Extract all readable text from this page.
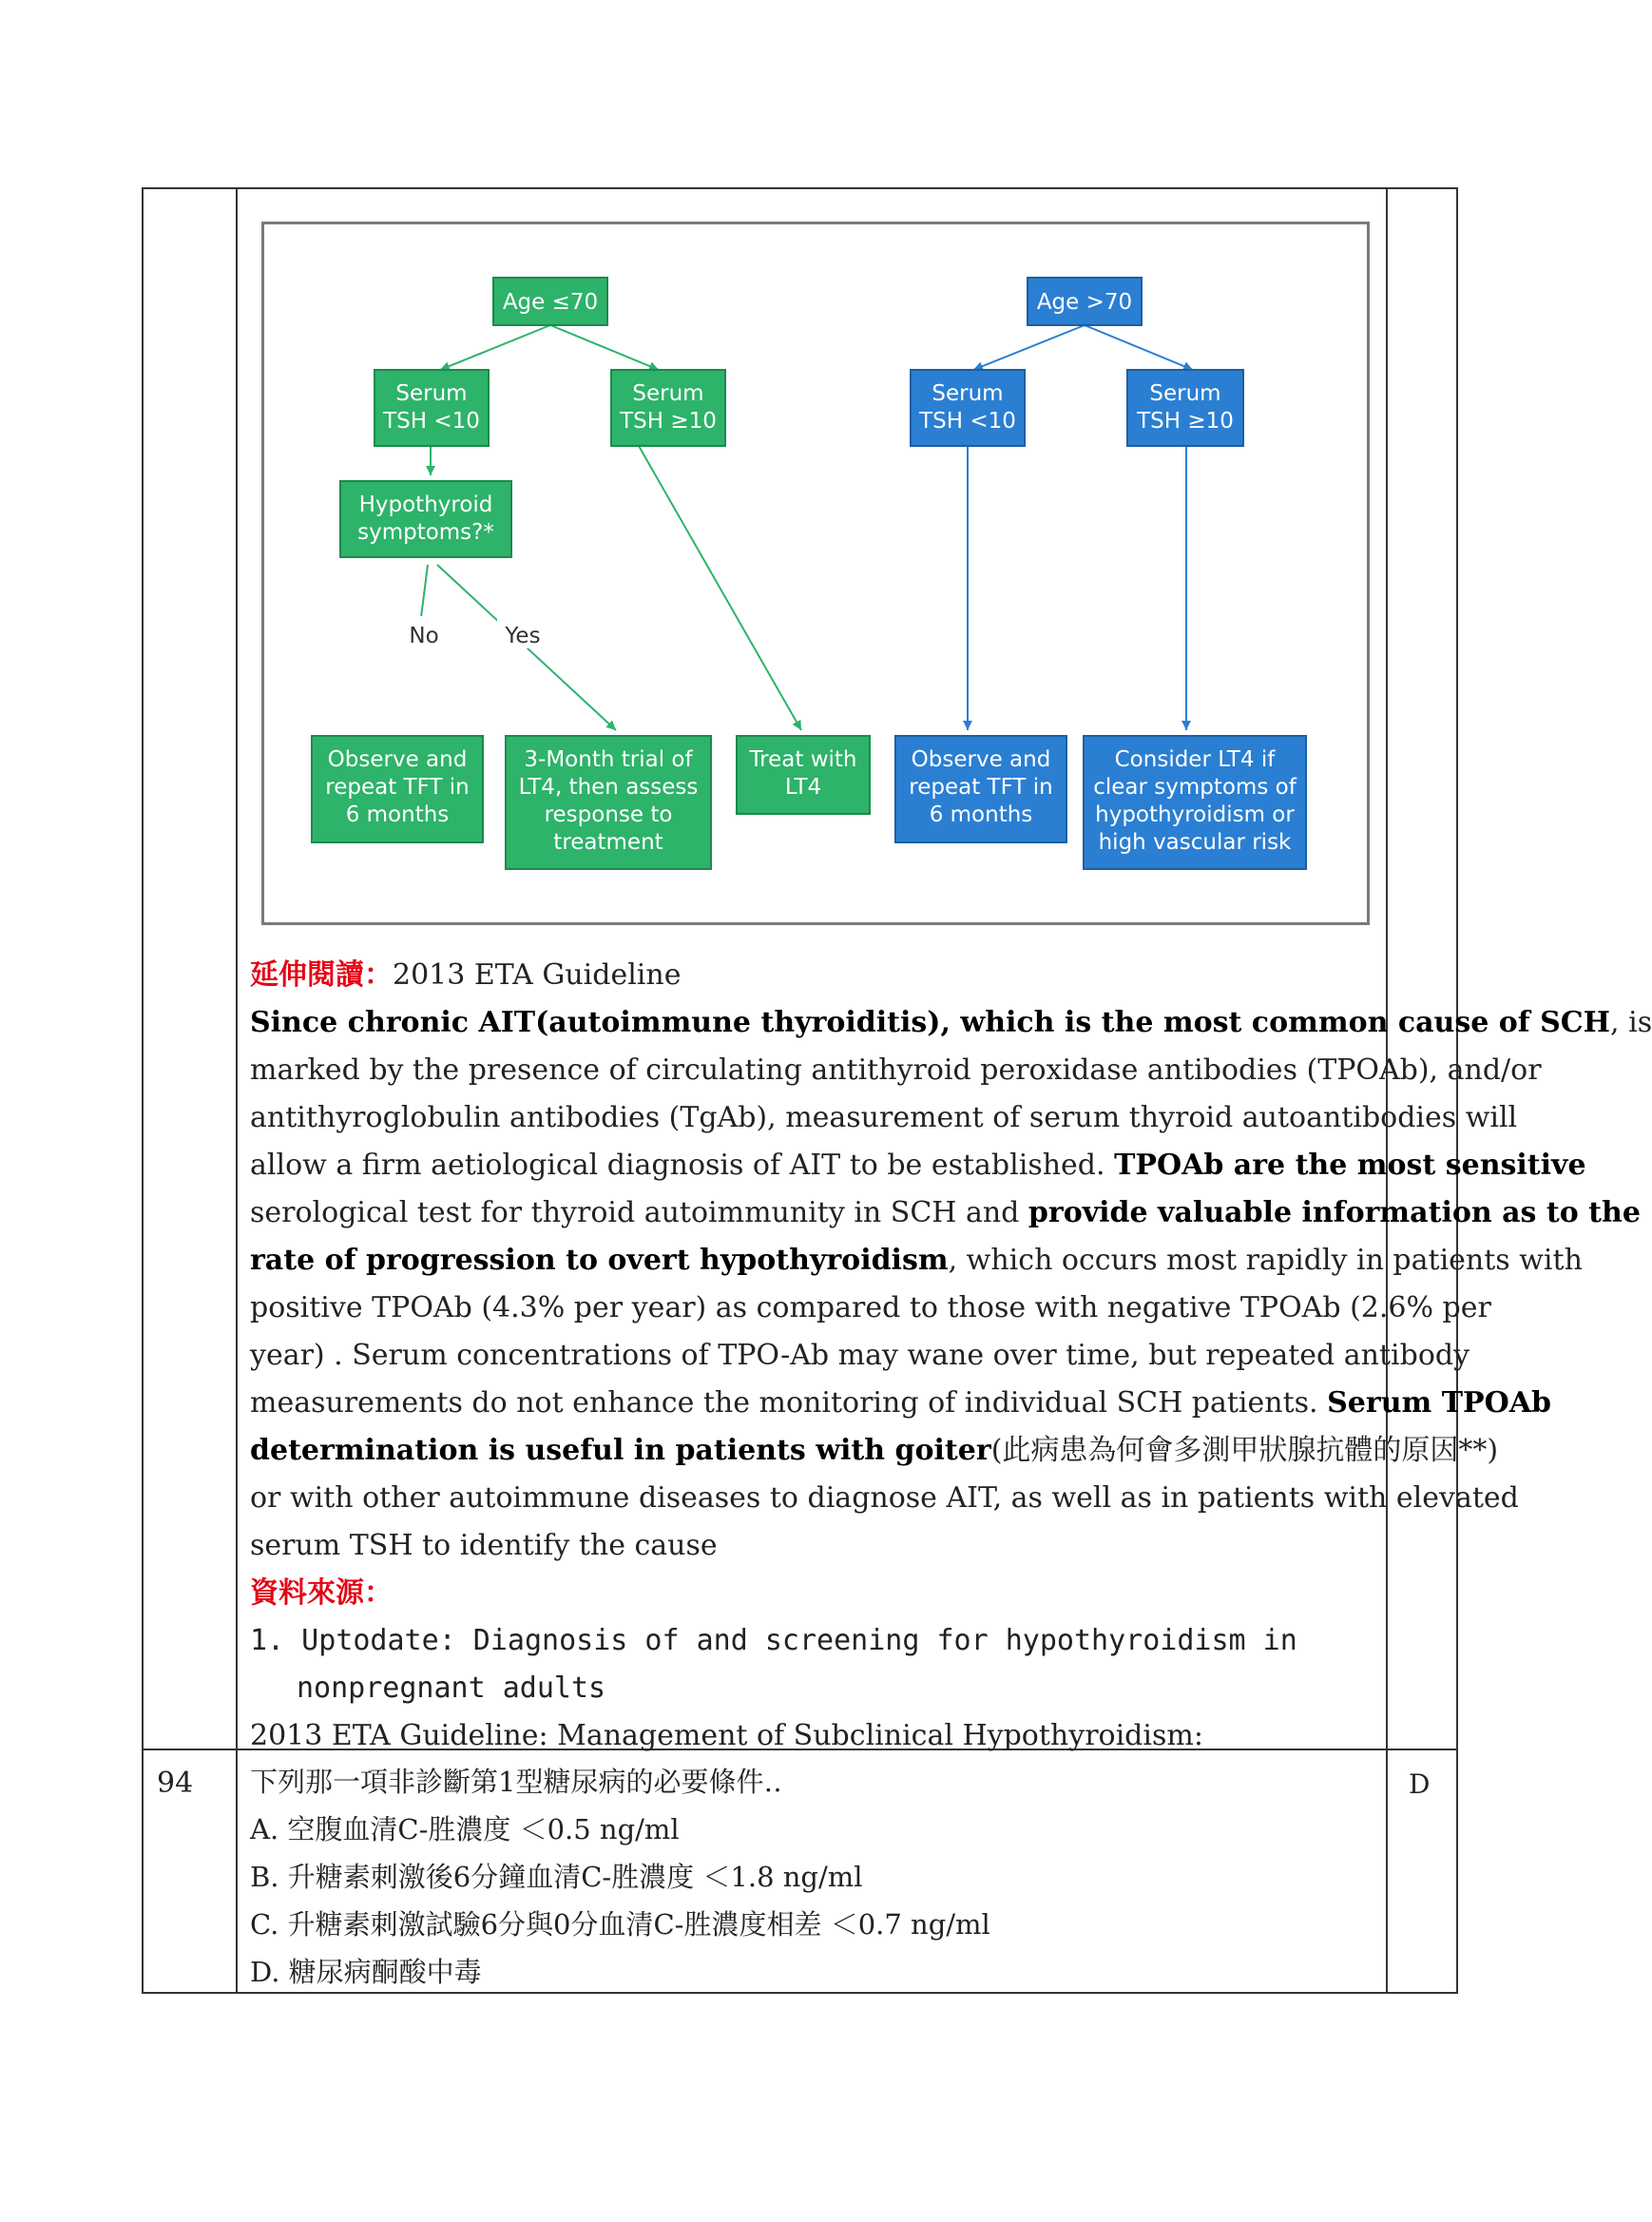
No	Yes
Age ≤70
Serum
TSH <10
Serum
TSH ≥10
Hypothyroid
symptoms?*
Observe and
repeat TFT in
6 months
3-Month trial of
LT4, then assess
response to
treatment
Treat with
LT4
Age >70
Serum
TSH <10
Serum
TSH ≥10
Observe and
repeat TFT in
6 months
Consider LT4 if
clear symptoms of
hypothyroidism or
high vascular risk
延伸閱讀：2013 ETA Guideline
Since chronic AIT(autoimmune thyroiditis), which is the most common cause of SCH, is
marked by the presence of circulating antithyroid peroxidase antibodies (TPOAb), and/or
antithyroglobulin antibodies (TgAb), measurement of serum thyroid autoantibodies will
allow a firm aetiological diagnosis of AIT to be established. TPOAb are the most sensitive
serological test for thyroid autoimmunity in SCH and provide valuable information as to the
rate of progression to overt hypothyroidism, which occurs most rapidly in patients with
positive TPOAb (4.3% per year) as compared to those with negative TPOAb (2.6% per
year) . Serum concentrations of TPO-Ab may wane over time, but repeated antibody
measurements do not enhance the monitoring of individual SCH patients. Serum TPOAb
determination is useful in patients with goiter(此病患為何會多測甲狀腺抗體的原因**)
or with other autoimmune diseases to diagnose AIT, as well as in patients with elevated
serum TSH to identify the cause
資料來源：
1. Uptodate: Diagnosis of and screening for hypothyroidism in
nonpregnant adults
2013 ETA Guideline: Management of Subclinical Hypothyroidism:
94	D
下列那一項非診斷第1型糖尿病的必要條件‥
A. 空腹血清C-胜濃度 ＜0.5 ng/ml
B. 升糖素刺激後6分鐘血清C-胜濃度 ＜1.8 ng/ml
C. 升糖素刺激試驗6分與0分血清C-胜濃度相差 ＜0.7 ng/ml
D. 糖尿病酮酸中毒
